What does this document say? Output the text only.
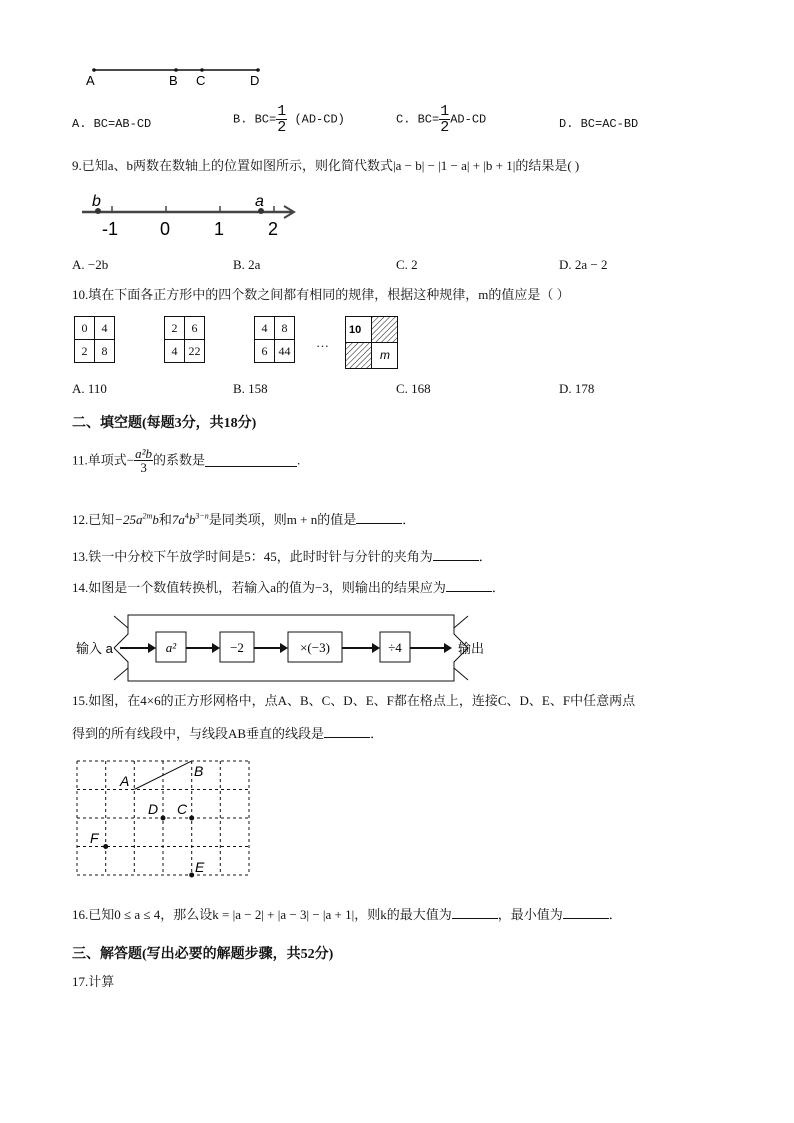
A	B C	D
A. BC=AB-CD	B. $BC= \frac{1}{2} (AD-CD)$	C. $BC= \frac{1}{2} AD-CD$	D. BC=AC-BD
9.已知a、b两数在数轴上的位置如图所示，则化简代数式|a − b| − |1 − a| + |b + 1|的结果是( )
b	a
-1 0 1 2
A. −2b	B. 2a	C. 2	D. 2a − 2
10.填在下面各正方形中的四个数之间都有相同的规律，根据这种规律，m的值应是（ ）
0	4
2	8
2	6
4	22
4	8
6	44
…
10
m
A. 110	B. 158	C. 168	D. 178
二、填空题(每题3分，共18分)
11.单项式− $\frac{\text{a²b}}{3}$ 的系数是	.
12.已知$-25a^{2m}b$和$7a^4b^{3-n}$是同类项，则m + n的值是	．
13.铁一中分校下午放学时间是5：45，此时时针与分针的夹角为	．
14.如图是一个数值转换机，若输入a的值为−3，则输出的结果应为	．
输入 a	输出
a²	−2	×(−3)	÷4
15.如图，在4×6的正方形网格中，点A、B、C、D、E、F都在格点上，连接C、D、E、F中任意两点
得到的所有线段中，与线段AB垂直的线段是	．
A
B
C
D
E
F
16.已知0 ≤ a ≤ 4，那么设k = |a − 2| + |a − 3| − |a + 1|，则k的最大值为	，最小值为	．
三、解答题(写出必要的解题步骤，共52分)
17.计算
